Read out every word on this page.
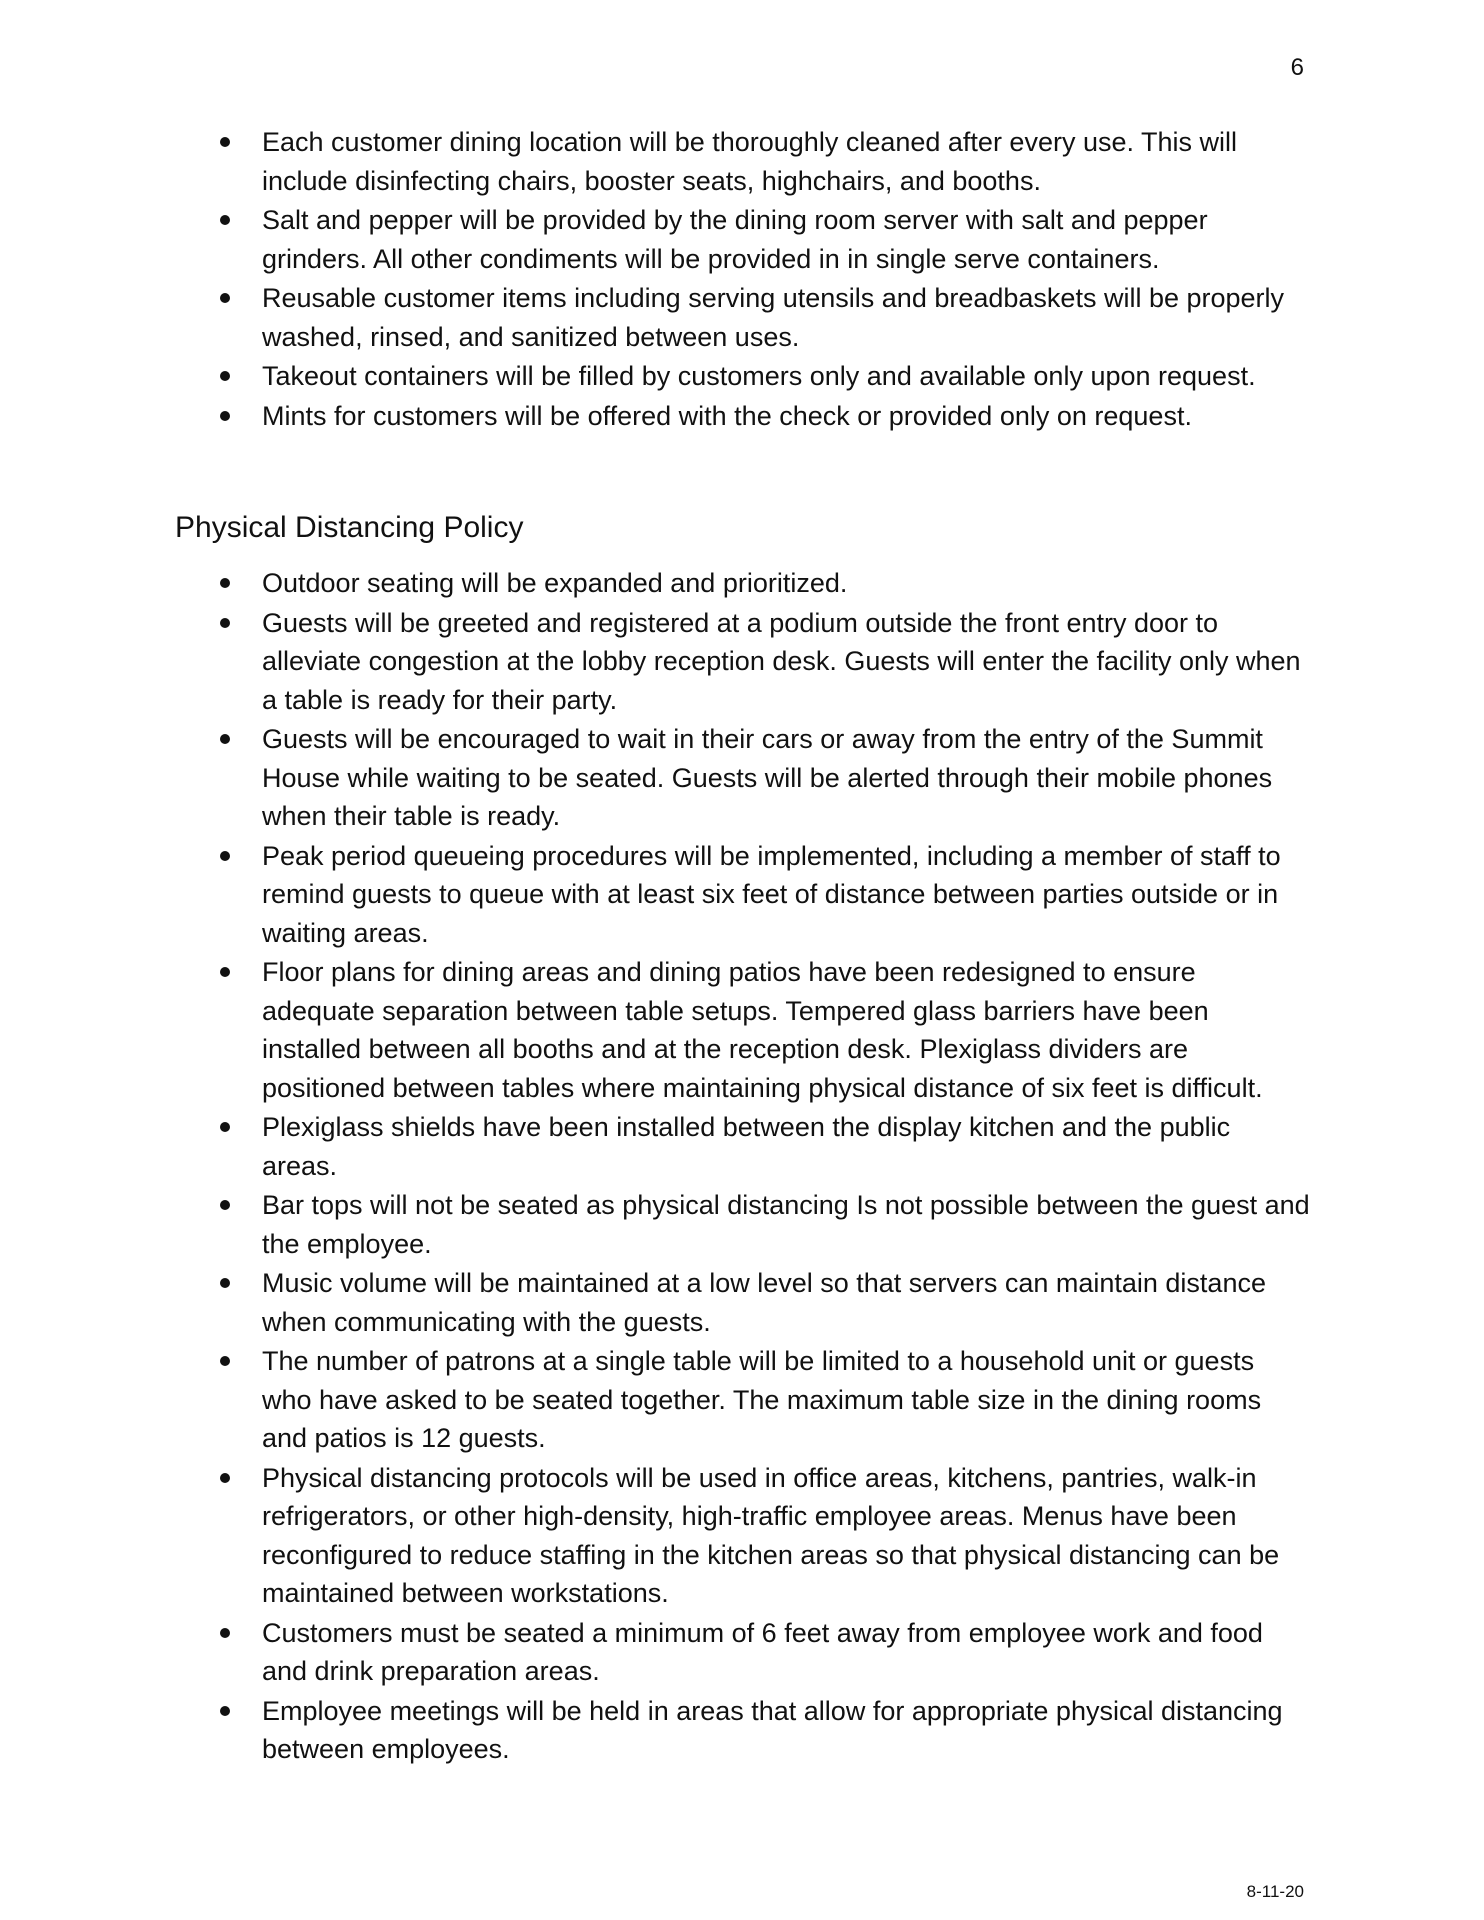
6
Each customer dining location will be thoroughly cleaned after every use. This will include disinfecting chairs, booster seats, highchairs, and booths.
Salt and pepper will be provided by the dining room server with salt and pepper grinders. All other condiments will be provided in in single serve containers.
Reusable customer items including serving utensils and breadbaskets will be properly washed, rinsed, and sanitized between uses.
Takeout containers will be filled by customers only and available only upon request.
Mints for customers will be offered with the check or provided only on request.
Physical Distancing Policy
Outdoor seating will be expanded and prioritized.
Guests will be greeted and registered at a podium outside the front entry door to alleviate congestion at the lobby reception desk. Guests will enter the facility only when a table is ready for their party.
Guests will be encouraged to wait in their cars or away from the entry of the Summit House while waiting to be seated. Guests will be alerted through their mobile phones when their table is ready.
Peak period queueing procedures will be implemented, including a member of staff to remind guests to queue with at least six feet of distance between parties outside or in waiting areas.
Floor plans for dining areas and dining patios have been redesigned to ensure adequate separation between table setups. Tempered glass barriers have been installed between all booths and at the reception desk. Plexiglass dividers are positioned between tables where maintaining physical distance of six feet is difficult.
Plexiglass shields have been installed between the display kitchen and the public areas.
Bar tops will not be seated as physical distancing Is not possible between the guest and the employee.
Music volume will be maintained at a low level so that servers can maintain distance when communicating with the guests.
The number of patrons at a single table will be limited to a household unit or guests who have asked to be seated together. The maximum table size in the dining rooms and patios is 12 guests.
Physical distancing protocols will be used in office areas, kitchens, pantries, walk-in refrigerators, or other high-density, high-traffic employee areas. Menus have been reconfigured to reduce staffing in the kitchen areas so that physical distancing can be maintained between workstations.
Customers must be seated a minimum of 6 feet away from employee work and food and drink preparation areas.
Employee meetings will be held in areas that allow for appropriate physical distancing between employees.
8-11-20
